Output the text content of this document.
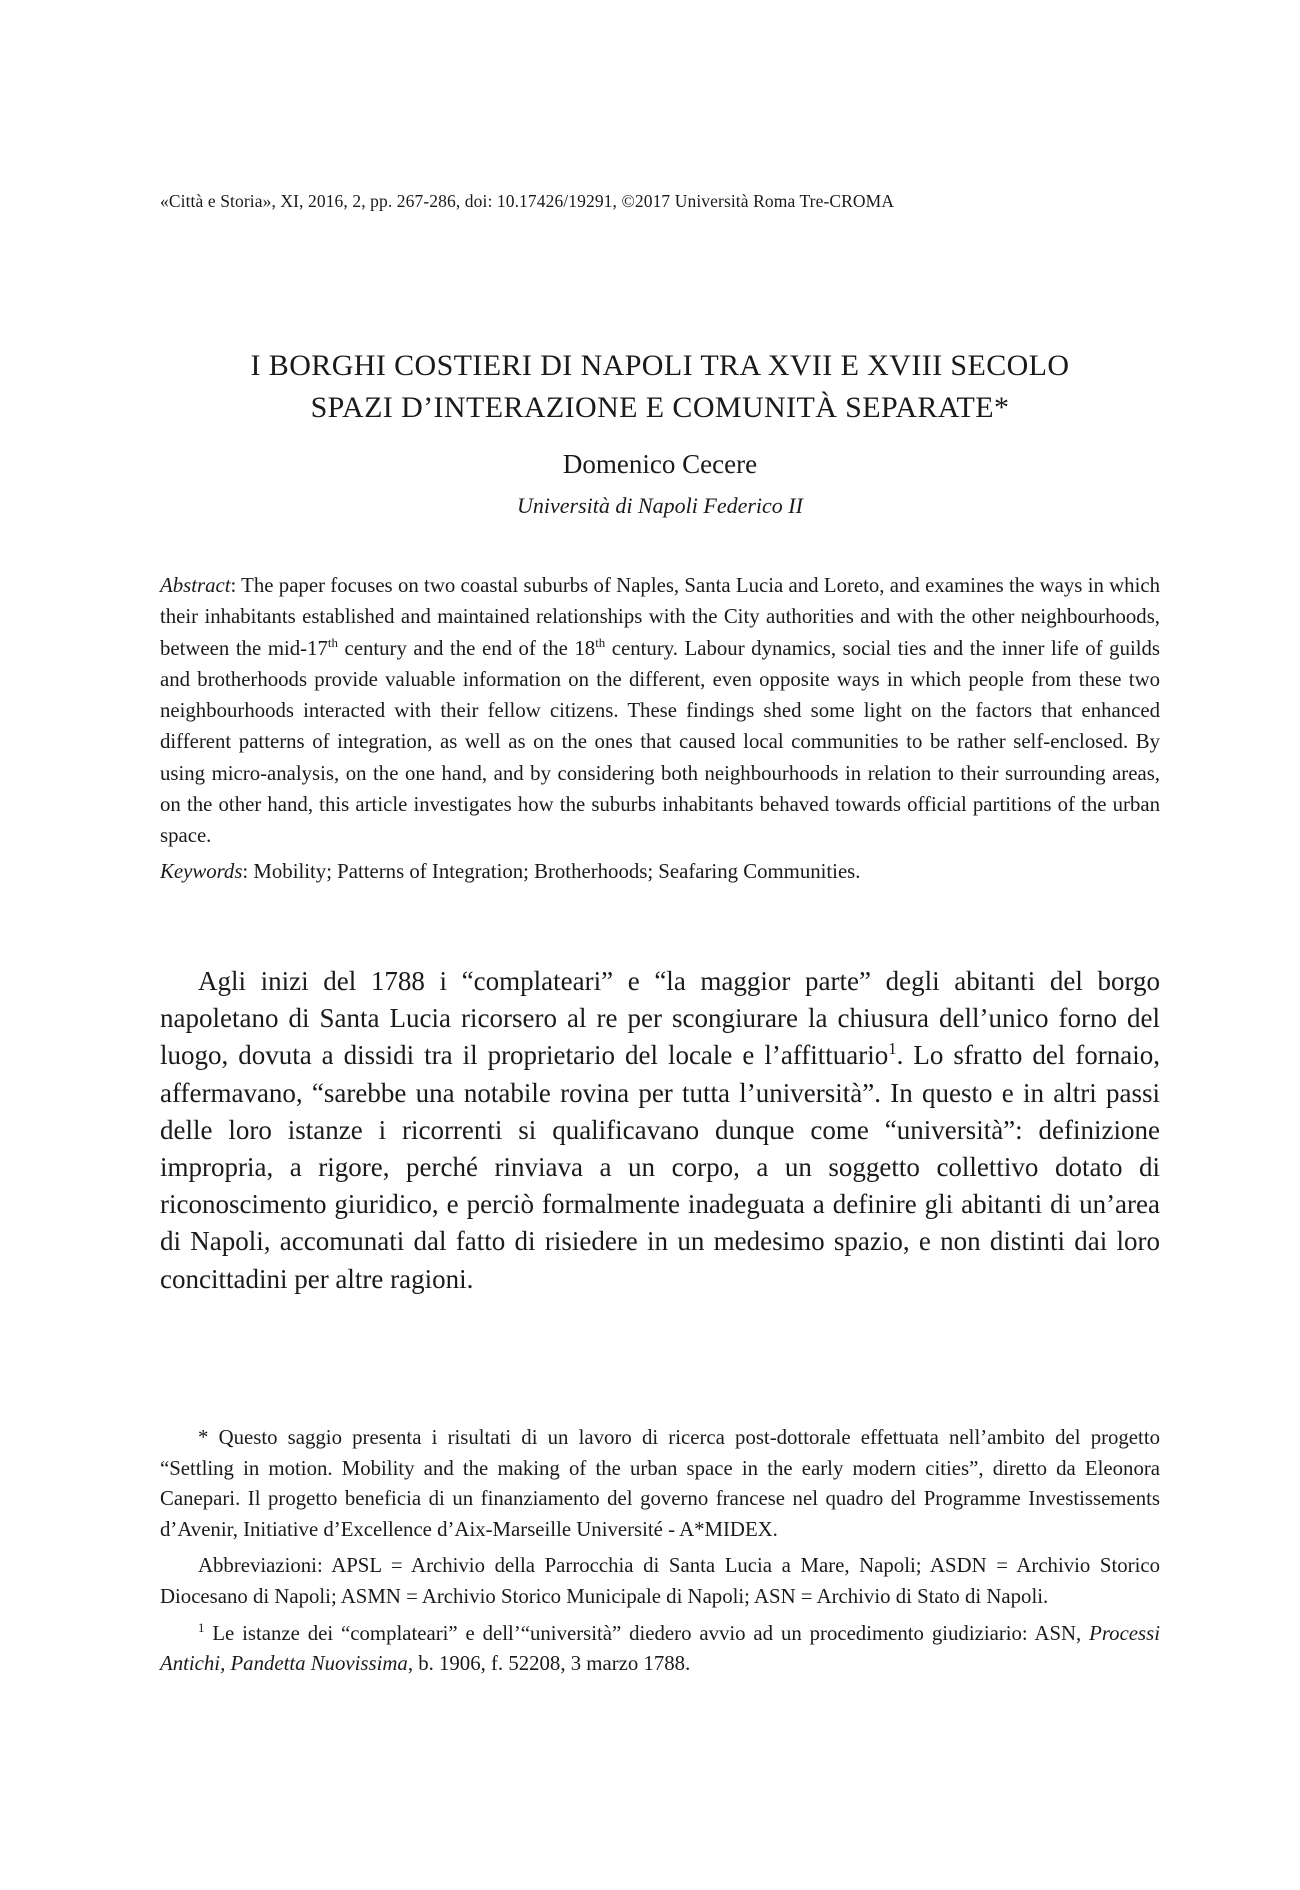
«Città e Storia», XI, 2016, 2, pp. 267-286, doi: 10.17426/19291, ©2017 Università Roma Tre-CROMA
I BORGHI COSTIERI DI NAPOLI TRA XVII E XVIII SECOLO
SPAZI D’INTERAZIONE E COMUNITÀ SEPARATE*
Domenico Cecere
Università di Napoli Federico II

Abstract: The paper focuses on two coastal suburbs of Naples, Santa Lucia and Loreto, and examines the ways in which their inhabitants established and maintained relationships with the City authorities and with the other neighbourhoods, between the mid-17th century and the end of the 18th century. Labour dynamics, social ties and the inner life of guilds and brotherhoods provide valuable information on the different, even opposite ways in which people from these two neighbourhoods interacted with their fellow citizens. These findings shed some light on the factors that enhanced different patterns of integration, as well as on the ones that caused local communities to be rather self-enclosed. By using micro-analysis, on the one hand, and by considering both neighbourhoods in relation to their surrounding areas, on the other hand, this article investigates how the suburbs inhabitants behaved towards official partitions of the urban space.

Keywords: Mobility; Patterns of Integration; Brotherhoods; Seafaring Communities.

Agli inizi del 1788 i “complateari” e “la maggior parte” degli abitanti del borgo napoletano di Santa Lucia ricorsero al re per scongiurare la chiusura dell’unico forno del luogo, dovuta a dissidi tra il proprietario del locale e l’affittuario$^1$. Lo sfratto del fornaio, affermavano, “sarebbe una notabile rovina per tutta l’università”. In questo e in altri passi delle loro istanze i ricorrenti si qualificavano dunque come “università”: definizione impropria, a rigore, perché rinviava a un corpo, a un soggetto collettivo dotato di riconoscimento giuridico, e perciò formalmente inadeguata a definire gli abitanti di un’area di Napoli, accomunati dal fatto di risiedere in un medesimo spazio, e non distinti dai loro concittadini per altre ragioni.

* Questo saggio presenta i risultati di un lavoro di ricerca post-dottorale effettuata nell’ambito del progetto “Settling in motion. Mobility and the making of the urban space in the early modern cities”, diretto da Eleonora Canepari. Il progetto beneficia di un finanziamento del governo francese nel quadro del Programme Investissements d’Avenir, Initiative d’Excellence d’Aix-Marseille Université - A*MIDEX.

Abbreviazioni: APSL = Archivio della Parrocchia di Santa Lucia a Mare, Napoli; ASDN = Archivio Storico Diocesano di Napoli; ASMN = Archivio Storico Municipale di Napoli; ASN = Archivio di Stato di Napoli.

$^1$ Le istanze dei “complateari” e dell’“università” diedero avvio ad un procedimento giudiziario: ASN, Processi Antichi, Pandetta Nuovissima, b. 1906, f. 52208, 3 marzo 1788.
